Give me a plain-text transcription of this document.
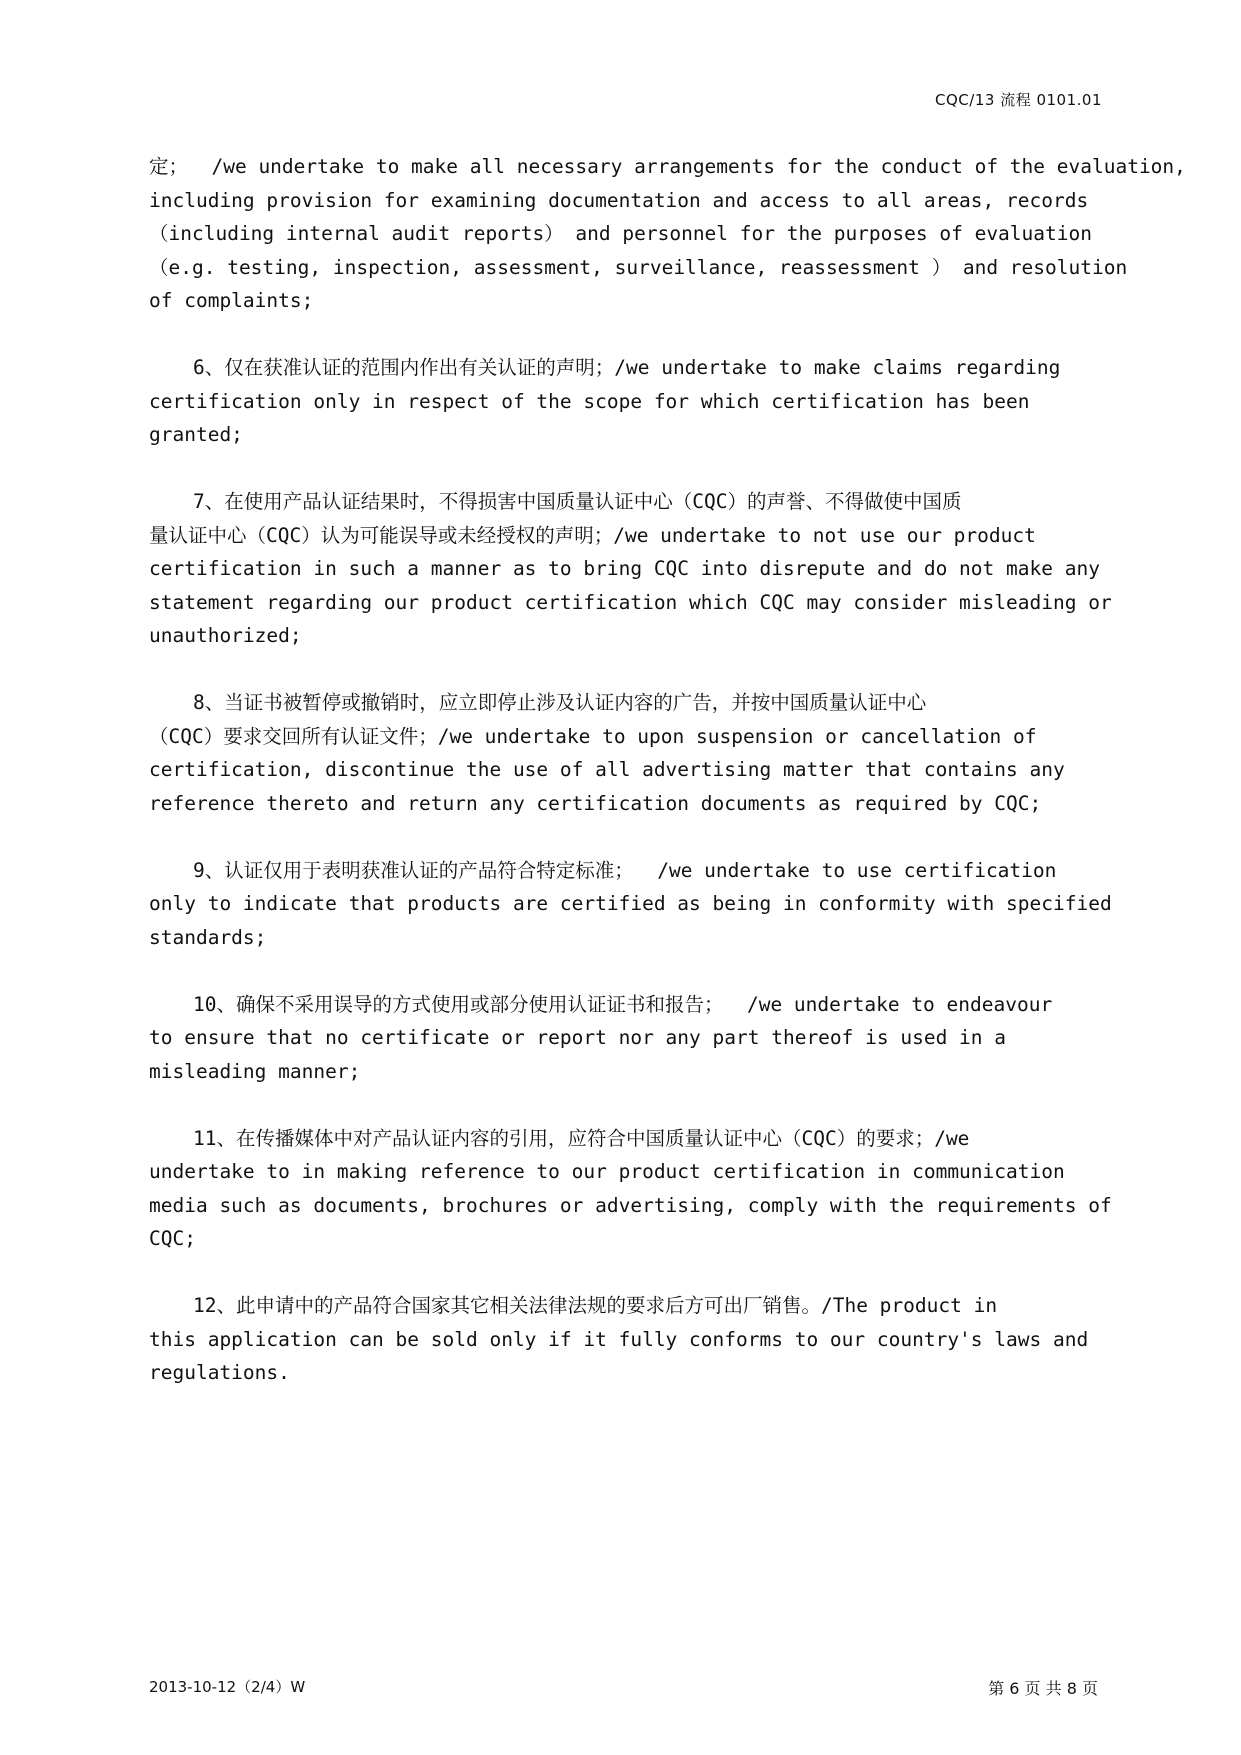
CQC/13 流程 0101.01
定；  /we undertake to make all necessary arrangements for the conduct of the evaluation,
including provision for examining documentation and access to all areas, records
（including internal audit reports） and personnel for the purposes of evaluation
（e.g. testing, inspection, assessment, surveillance, reassessment ） and resolution
of complaints;
6、仅在获准认证的范围内作出有关认证的声明；/we undertake to make claims regarding
certification only in respect of the scope for which certification has been
granted;
7、在使用产品认证结果时，不得损害中国质量认证中心（CQC）的声誉、不得做使中国质
量认证中心（CQC）认为可能误导或未经授权的声明；/we undertake to not use our product
certification in such a manner as to bring CQC into disrepute and do not make any
statement regarding our product certification which CQC may consider misleading or
unauthorized;
8、当证书被暂停或撤销时，应立即停止涉及认证内容的广告，并按中国质量认证中心
（CQC）要求交回所有认证文件；/we undertake to upon suspension or cancellation of
certification, discontinue the use of all advertising matter that contains any
reference thereto and return any certification documents as required by CQC;
9、认证仅用于表明获准认证的产品符合特定标准；  /we undertake to use certification
only to indicate that products are certified as being in conformity with specified
standards;
10、确保不采用误导的方式使用或部分使用认证证书和报告；  /we undertake to endeavour
to ensure that no certificate or report nor any part thereof is used in a
misleading manner;
11、在传播媒体中对产品认证内容的引用，应符合中国质量认证中心（CQC）的要求；/we
undertake to in making reference to our product certification in communication
media such as documents, brochures or advertising, comply with the requirements of
CQC;
12、此申请中的产品符合国家其它相关法律法规的要求后方可出厂销售。/The product in
this application can be sold only if it fully conforms to our country's laws and
regulations.
2013-10-12（2/4）W	第 6 页 共 8 页
